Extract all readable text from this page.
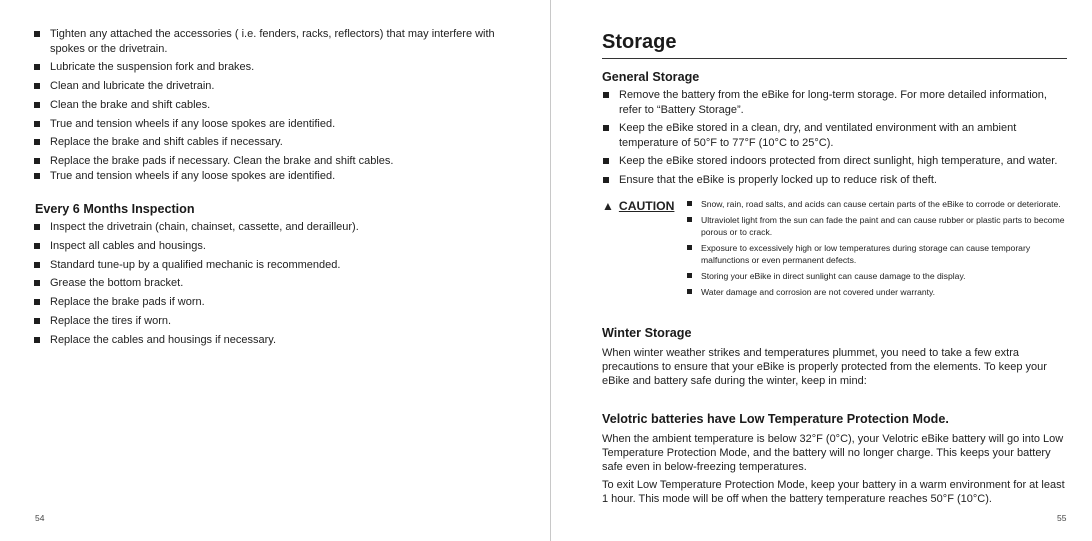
Tighten any attached the accessories ( i.e. fenders, racks, reflectors) that may interfere with spokes or the drivetrain.
Lubricate the suspension fork and brakes.
Clean and lubricate the drivetrain.
Clean the brake and shift cables.
True and tension wheels if any loose spokes are identified.
Replace the brake and shift cables if necessary.
Replace the brake pads if necessary. Clean the brake and shift cables.
True and tension wheels if any loose spokes are identified.
Every 6 Months Inspection
Inspect the drivetrain (chain, chainset, cassette, and derailleur).
Inspect all cables and housings.
Standard tune-up by a qualified mechanic is recommended.
Grease the bottom bracket.
Replace the brake pads if worn.
Replace the tires if worn.
Replace the cables and housings if necessary.
54
Storage
General Storage
Remove the battery from the eBike for long-term storage. For more detailed information, refer to “Battery Storage”.
Keep the eBike stored in a clean, dry, and ventilated environment with an ambient temperature of 50°F to 77°F (10°C to 25°C).
Keep the eBike stored indoors protected from direct sunlight, high temperature, and water.
Ensure that the eBike is properly locked up to reduce risk of theft.
▲ CAUTION	Snow, rain, road salts, and acids can cause certain parts of the eBike to corrode or deteriorate.
Ultraviolet light from the sun can fade the paint and can cause rubber or plastic parts to become porous or to crack.
Exposure to excessively high or low temperatures during storage can cause temporary malfunctions or even permanent defects.
Storing your eBike in direct sunlight can cause damage to the display.
Water damage and corrosion are not covered under warranty.
Winter Storage

When winter weather strikes and temperatures plummet, you need to take a few extra precautions to ensure that your eBike is properly protected from the elements. To keep your eBike and battery safe during the winter, keep in mind:

Velotric batteries have Low Temperature Protection Mode.

When the ambient temperature is below 32°F (0°C), your Velotric eBike battery will go into Low Temperature Protection Mode, and the battery will no longer charge. This keeps your battery safe even in below-freezing temperatures.

To exit Low Temperature Protection Mode, keep your battery in a warm environment for at least 1 hour. This mode will be off when the battery temperature reaches 50°F (10°C).

55
